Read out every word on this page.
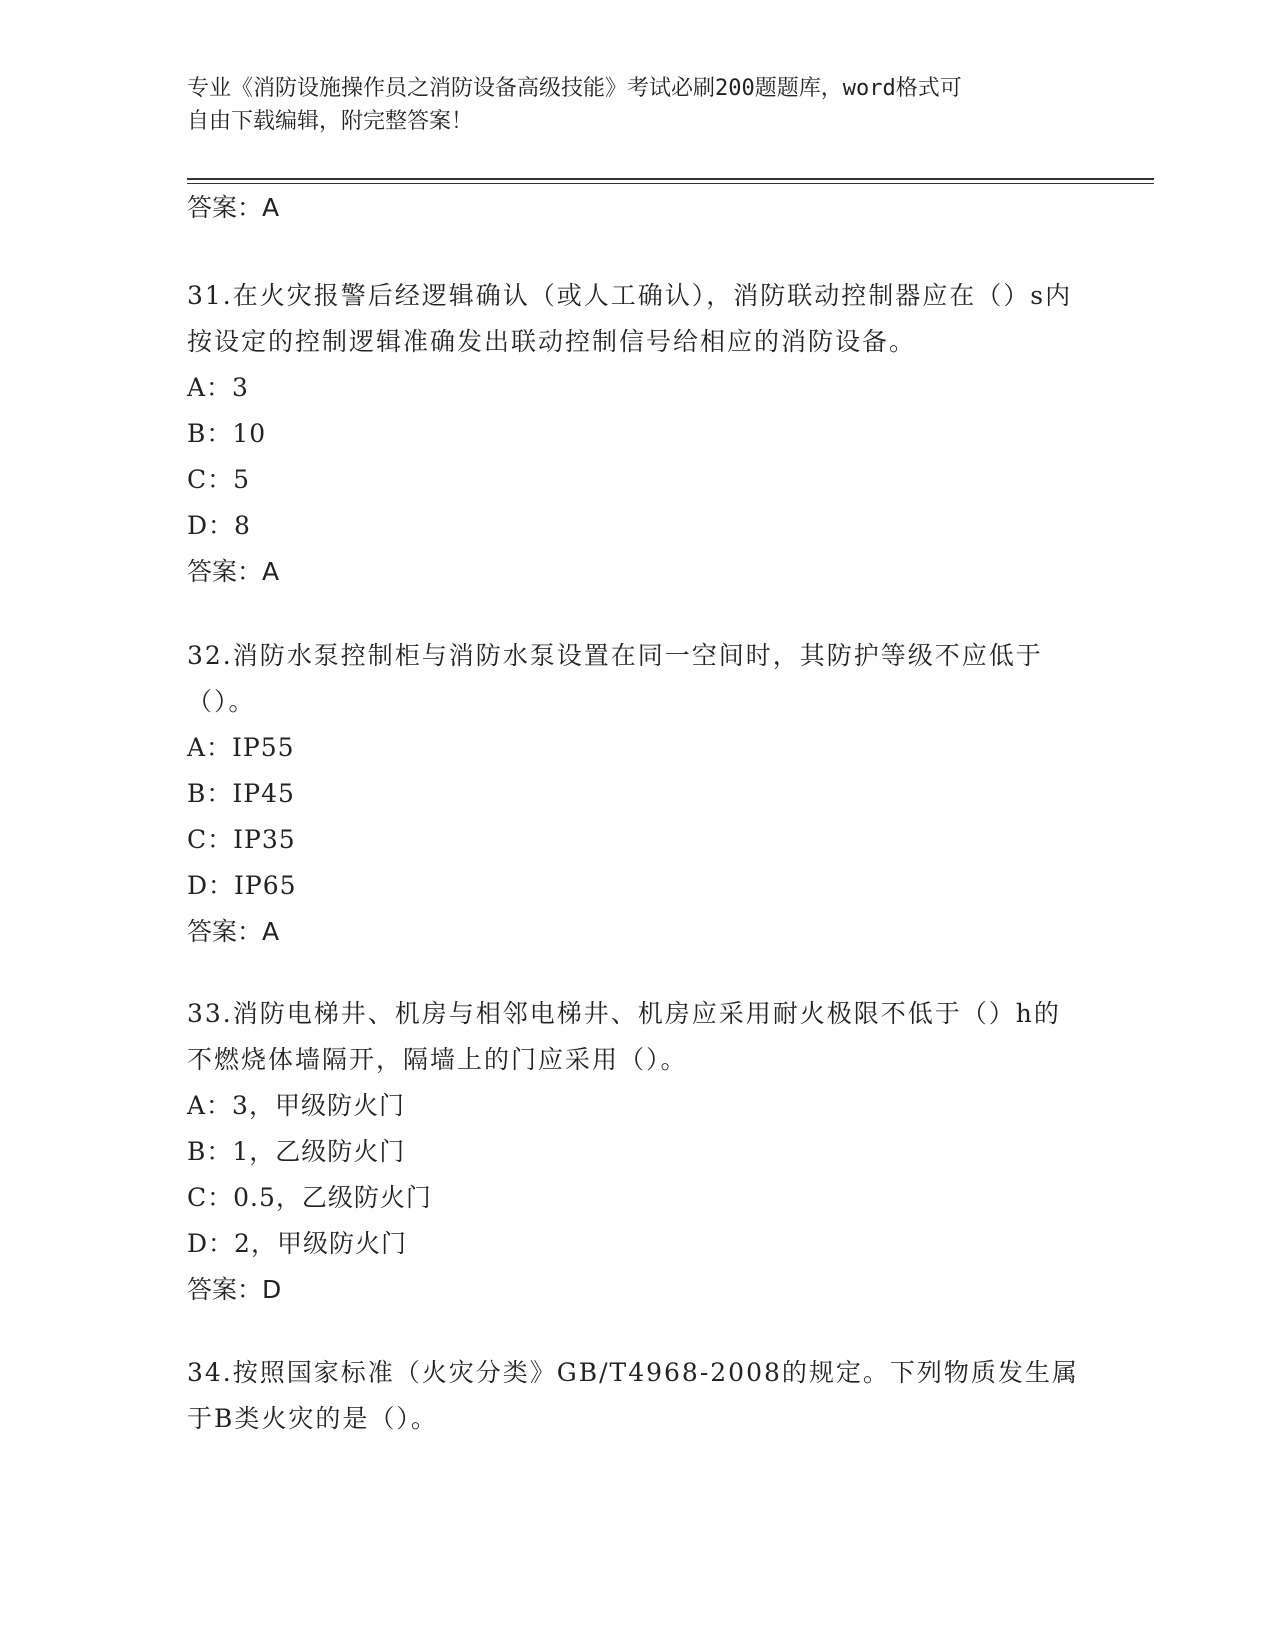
专业《消防设施操作员之消防设备高级技能》考试必刷200题题库，word格式可
自由下载编辑，附完整答案！

答案：A

31.在火灾报警后经逻辑确认（或人工确认），消防联动控制器应在（）s内按设定的控制逻辑准确发出联动控制信号给相应的消防设备。

A：3

B：10

C：5

D：8

答案：A

32.消防水泵控制柜与消防水泵设置在同一空间时，其防护等级不应低于（）。

A：IP55

B：IP45

C：IP35

D：IP65

答案：A

33.消防电梯井、机房与相邻电梯井、机房应采用耐火极限不低于（）h的不燃烧体墙隔开，隔墙上的门应采用（）。

A：3，甲级防火门

B：1，乙级防火门

C：0.5，乙级防火门

D：2，甲级防火门

答案：D

34.按照国家标准（火灾分类》GB/T4968-2008的规定。下列物质发生属于B类火灾的是（）。
